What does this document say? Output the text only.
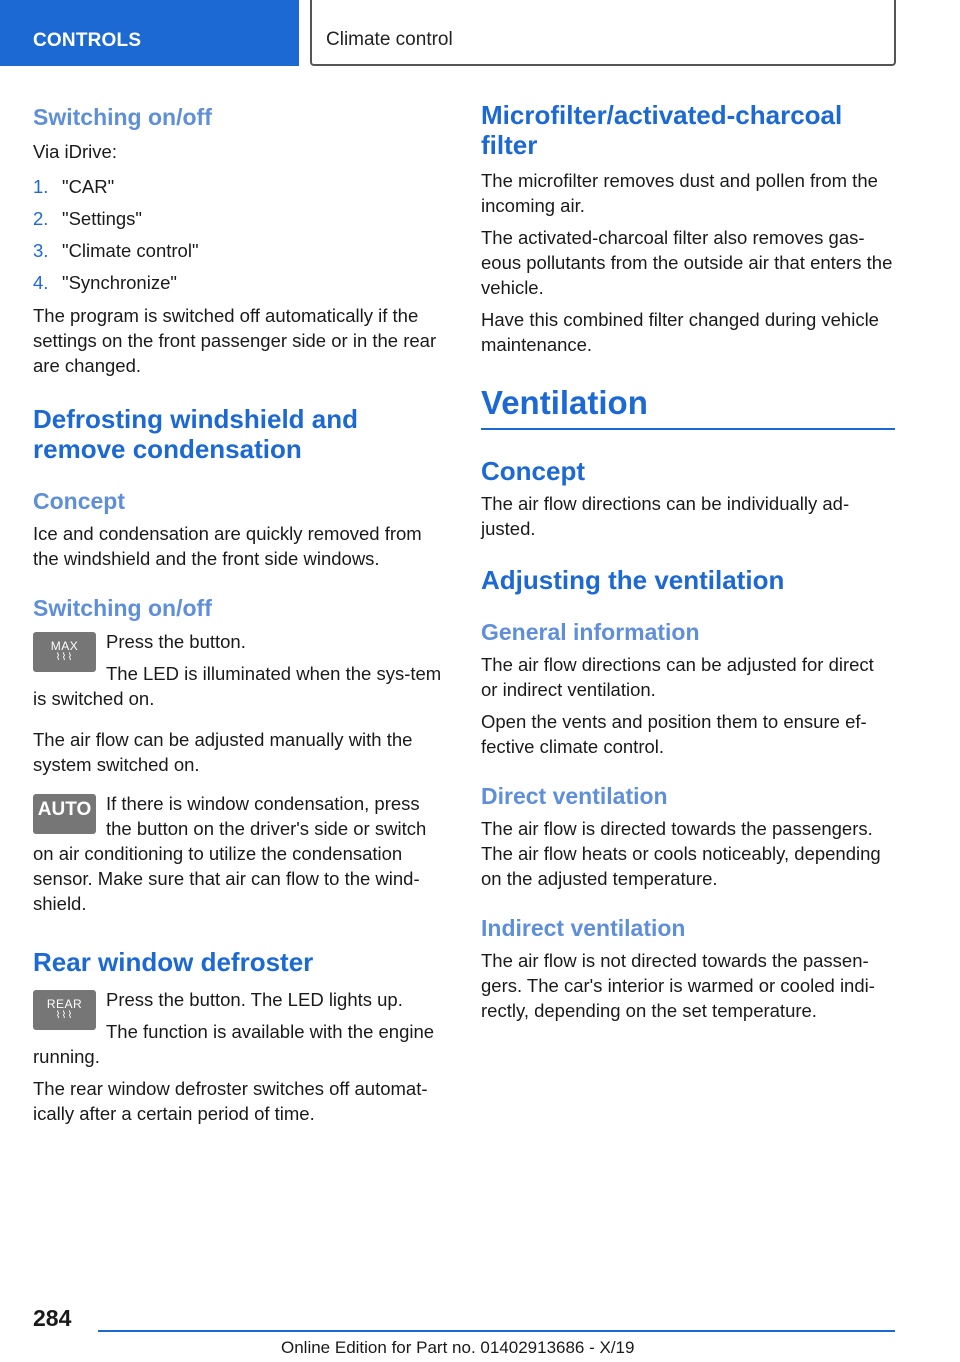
CONTROLS	Climate control
Switching on/off
Via iDrive:
1. "CAR"
2. "Settings"
3. "Climate control"
4. "Synchronize"
The program is switched off automatically if the settings on the front passenger side or in the rear are changed.
Defrosting windshield and remove condensation
Concept
Ice and condensation are quickly removed from the windshield and the front side windows.
Switching on/off
MAX
⌇⌇⌇
Press the button.
The LED is illuminated when the sys‐tem is switched on.
The air flow can be adjusted manually with the system switched on.
AUTO If there is window condensation, press the button on the driver's side or switch on air conditioning to utilize the condensation sensor. Make sure that air can flow to the wind‐shield.
Rear window defroster
REAR
⌇⌇⌇
Press the button. The LED lights up.
The function is available with the engine running.
The rear window defroster switches off automat‐ically after a certain period of time.
Microfilter/activated-charcoal filter
The microfilter removes dust and pollen from the incoming air.
The activated-charcoal filter also removes gas‐eous pollutants from the outside air that enters the vehicle.
Have this combined filter changed during vehicle maintenance.
Ventilation
Concept
The air flow directions can be individually ad‐justed.
Adjusting the ventilation
General information
The air flow directions can be adjusted for direct or indirect ventilation.
Open the vents and position them to ensure ef‐fective climate control.
Direct ventilation
The air flow is directed towards the passengers. The air flow heats or cools noticeably, depending on the adjusted temperature.
Indirect ventilation
The air flow is not directed towards the passen‐gers. The car's interior is warmed or cooled indi‐rectly, depending on the set temperature.
284
Online Edition for Part no. 01402913686 - X/19
